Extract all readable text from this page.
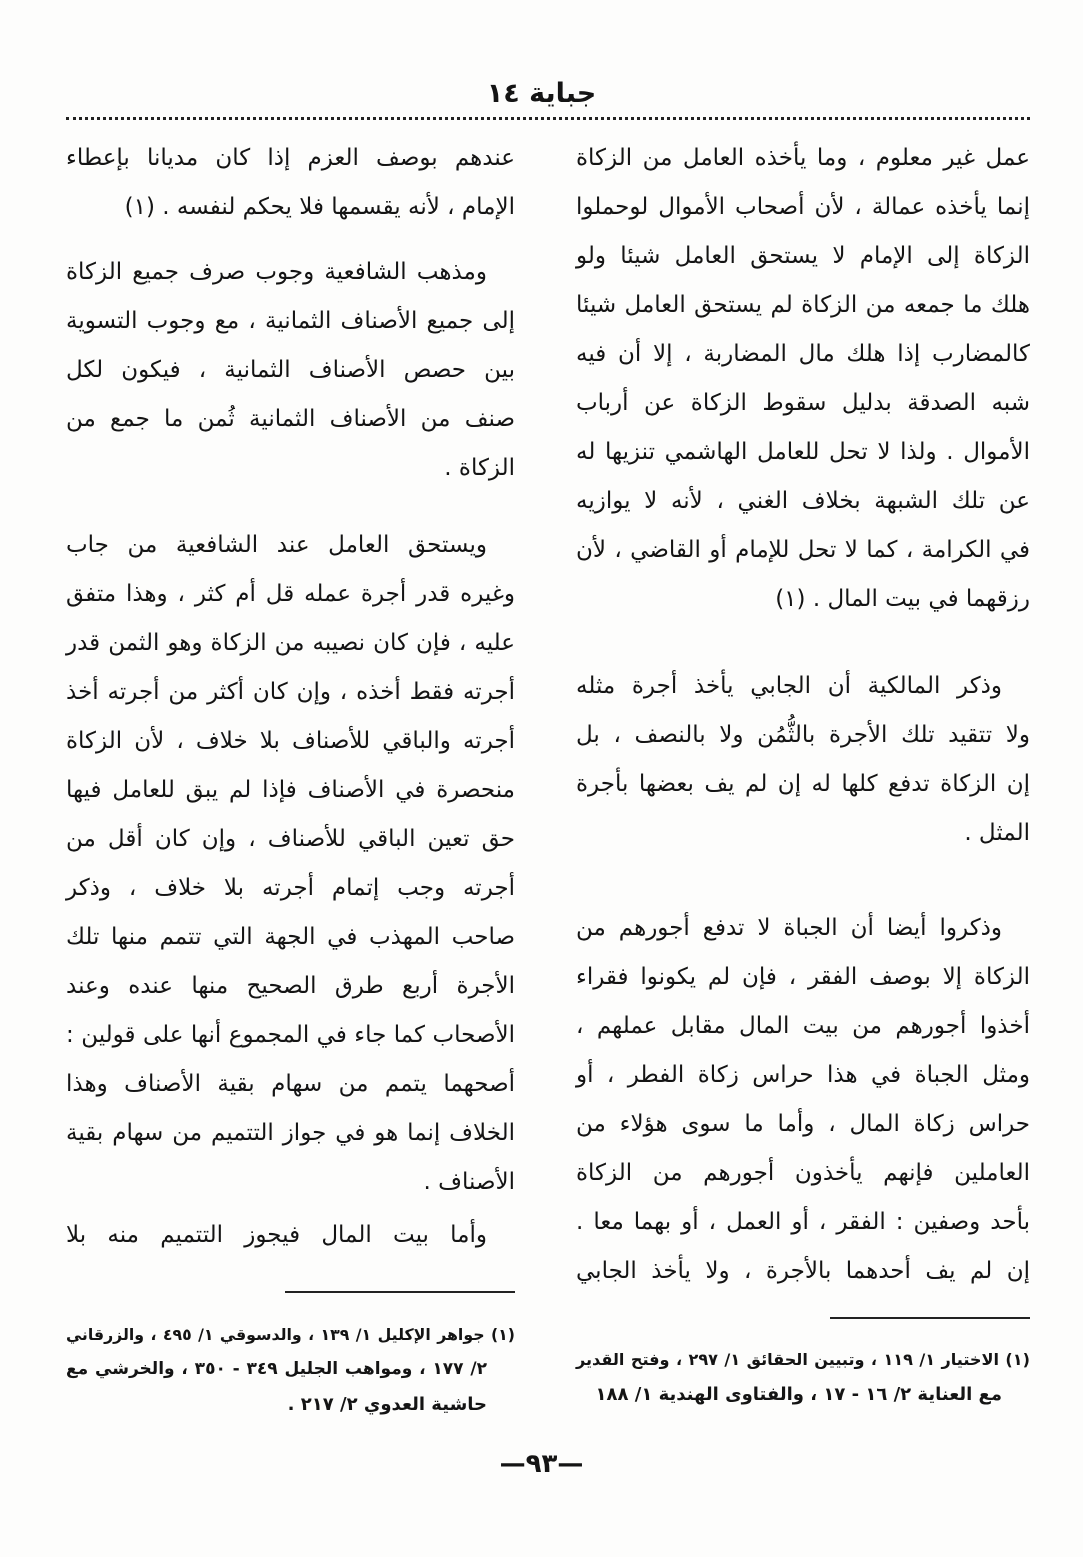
جباية ١٤
عمل غير معلوم ، وما يأخذه العامل من الزكاة
إنما يأخذه عمالة ، لأن أصحاب الأموال لوحملوا
الزكاة إلى الإمام لا يستحق العامل شيئا ولو
هلك ما جمعه من الزكاة لم يستحق العامل شيئا
كالمضارب إذا هلك مال المضاربة ، إلا أن فيه
شبه الصدقة بدليل سقوط الزكاة عن أرباب
الأموال . ولذا لا تحل للعامل الهاشمي تنزيها له
عن تلك الشبهة بخلاف الغني ، لأنه لا يوازيه
في الكرامة ، كما لا تحل للإمام أو القاضي ، لأن
رزقهما في بيت المال . (١)
وذكر المالكية أن الجابي يأخذ أجرة مثله
ولا تتقيد تلك الأجرة بالثُّمُن ولا بالنصف ، بل
إن الزكاة تدفع كلها له إن لم يف بعضها بأجرة
المثل .
وذكروا أيضا أن الجباة لا تدفع أجورهم من
الزكاة إلا بوصف الفقر ، فإن لم يكونوا فقراء
أخذوا أجورهم من بيت المال مقابل عملهم ،
ومثل الجباة في هذا حراس زكاة الفطر ، أو
حراس زكاة المال ، وأما ما سوى هؤلاء من
العاملين فإنهم يأخذون أجورهم من الزكاة
بأحد وصفين : الفقر ، أو العمل ، أو بهما معا .
إن لم يف أحدهما بالأجرة ، ولا يأخذ الجابي
(١) الاختيار ١/ ١١٩ ، وتبيين الحقائق ١/ ٢٩٧ ، وفتح القدير
مع العناية ٢/ ١٦ - ١٧ ، والفتاوى الهندية ١/ ١٨٨
عندهم بوصف العزم إذا كان مديانا بإعطاء
الإمام ، لأنه يقسمها فلا يحكم لنفسه . (١)
ومذهب الشافعية وجوب صرف جميع الزكاة
إلى جميع الأصناف الثمانية ، مع وجوب التسوية
بين حصص الأصناف الثمانية ، فيكون لكل
صنف من الأصناف الثمانية ثُمن ما جمع من
الزكاة .
ويستحق العامل عند الشافعية من جاب
وغيره قدر أجرة عمله قل أم كثر ، وهذا متفق
عليه ، فإن كان نصيبه من الزكاة وهو الثمن قدر
أجرته فقط أخذه ، وإن كان أكثر من أجرته أخذ
أجرته والباقي للأصناف بلا خلاف ، لأن الزكاة
منحصرة في الأصناف فإذا لم يبق للعامل فيها
حق تعين الباقي للأصناف ، وإن كان أقل من
أجرته وجب إتمام أجرته بلا خلاف ، وذكر
صاحب المهذب في الجهة التي تتمم منها تلك
الأجرة أربع طرق الصحيح منها عنده وعند
الأصحاب كما جاء في المجموع أنها على قولين :
أصحهما يتمم من سهام بقية الأصناف وهذا
الخلاف إنما هو في جواز التتميم من سهام بقية
الأصناف .
وأما بيت المال فيجوز التتميم منه بلا
(١) جواهر الإكليل ١/ ١٣٩ ، والدسوقي ١/ ٤٩٥ ، والزرقاني
٢/ ١٧٧ ، ومواهب الجليل ٣٤٩ - ٣٥٠ ، والخرشي مع
حاشية العدوي ٢/ ٢١٧ .
—٩٣—
